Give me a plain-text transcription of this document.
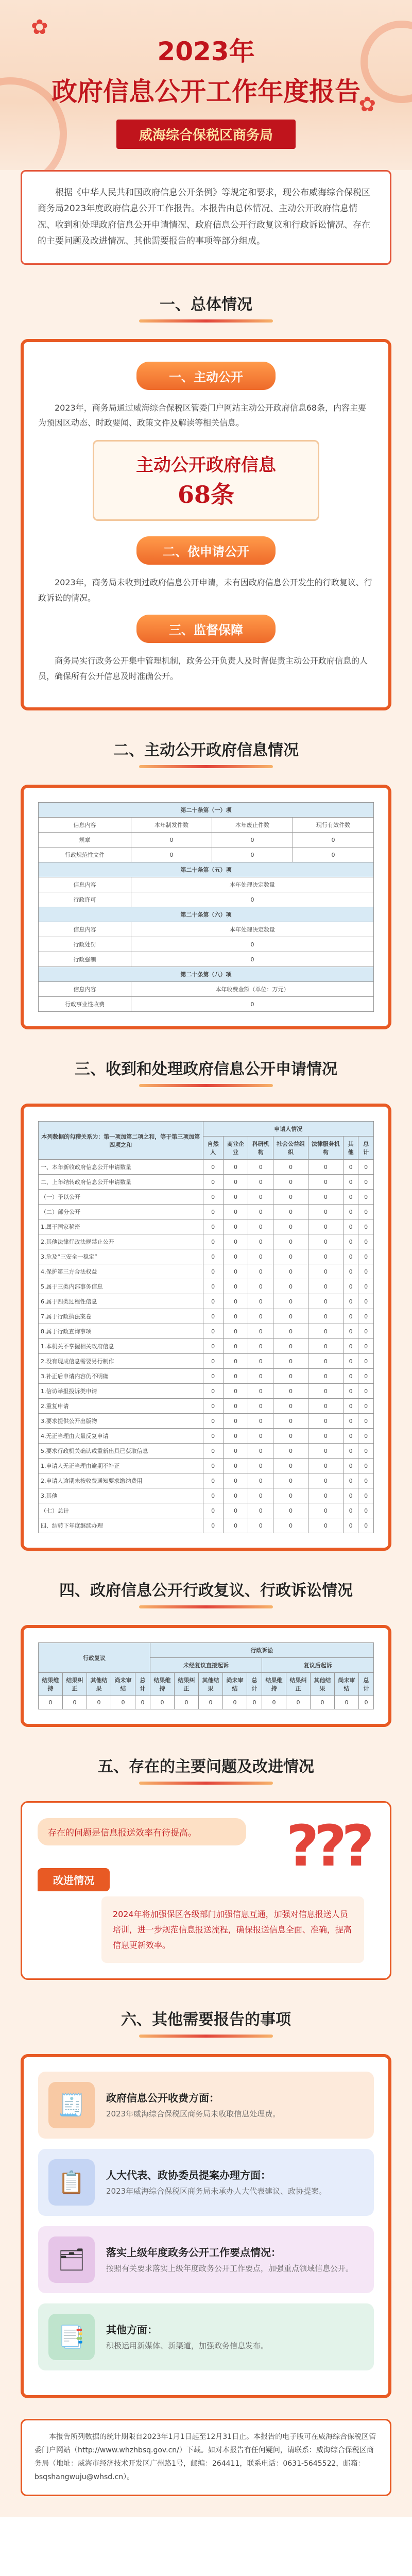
✿
✿
2023年
政府信息公开工作年度报告
威海综合保税区商务局
根据《中华人民共和国政府信息公开条例》等规定和要求，现公布威海综合保税区商务局2023年度政府信息公开工作报告。本报告由总体情况、主动公开政府信息情况、收到和处理政府信息公开申请情况、政府信息公开行政复议和行政诉讼情况、存在的主要问题及改进情况、其他需要报告的事项等部分组成。
一、总体情况
一、主动公开

2023年，商务局通过威海综合保税区管委门户网站主动公开政府信息68条，内容主要为预因区动态、时政要闻、政策文件及解读等相关信息。

主动公开政府信息
68条
二、依申请公开

2023年，商务局未收到过政府信息公开申请，未有因政府信息公开发生的行政复议、行政诉讼的情况。

三、监督保障

商务局实行政务公开集中管理机制，政务公开负责人及时督促责主动公开政府信息的人员，确保所有公开信息及时准确公开。

二、主动公开政府信息情况
第二十条第（一）项			
信息内容	本年制发件数	本年废止件数	现行有效件数
规章	0	0	0
行政规范性文件	0	0	0
第二十条第（五）项			
信息内容	本年处理决定数量		
行政许可	0		
第二十条第（六）项			
信息内容	本年处理决定数量		
行政处罚	0		
行政强制	0		
第二十条第（八）项			
信息内容	本年收费金额（单位：万元）		
行政事业性收费	0		
三、收到和处理政府信息公开申请情况
本列数据的勾稽关系为：第一项加第二项之和，等于第三项加第四项之和	申请人情况						
	自然人	商业企业	科研机构	社会公益组织	法律服务机构	其他	总计
一、本年新收政府信息公开申请数量	0	0	0	0	0	0	0
二、上年结转政府信息公开申请数量	0	0	0	0	0	0	0
（一）予以公开	0	0	0	0	0	0	0
（二）部分公开	0	0	0	0	0	0	0
1.属于国家秘密	0	0	0	0	0	0	0
2.其他法律行政法规禁止公开	0	0	0	0	0	0	0
3.危及“三安全一稳定”	0	0	0	0	0	0	0
4.保护第三方合法权益	0	0	0	0	0	0	0
5.属于三类内部事务信息	0	0	0	0	0	0	0
6.属于四类过程性信息	0	0	0	0	0	0	0
7.属于行政执法案卷	0	0	0	0	0	0	0
8.属于行政查询事项	0	0	0	0	0	0	0
1.本机关不掌握相关政府信息	0	0	0	0	0	0	0
2.没有现成信息需要另行制作	0	0	0	0	0	0	0
3.补正后申请内容仍不明确	0	0	0	0	0	0	0
1.信访举报投诉类申请	0	0	0	0	0	0	0
2.重复申请	0	0	0	0	0	0	0
3.要求提供公开出版物	0	0	0	0	0	0	0
4.无正当理由大量反复申请	0	0	0	0	0	0	0
5.要求行政机关确认或重新出具已获取信息	0	0	0	0	0	0	0
1.申请人无正当理由逾期不补正	0	0	0	0	0	0	0
2.申请人逾期未按收费通知要求缴纳费用	0	0	0	0	0	0	0
3.其他	0	0	0	0	0	0	0
（七）总计	0	0	0	0	0	0	0
四、结转下年度继续办理	0	0	0	0	0	0	0
四、政府信息公开行政复议、行政诉讼情况
行政复议					行政诉讼									
					未经复议直接起诉					复议后起诉				
结果维持	结果纠正	其他结果	尚未审结	总计	结果维持	结果纠正	其他结果	尚未审结	总计	结果维持	结果纠正	其他结果	尚未审结	总计
0	0	0	0	0	0	0	0	0	0	0	0	0	0	0
五、存在的主要问题及改进情况
???
存在的问题是信息报送效率有待提高。
改进情况
2024年将加强保区各级部门加强信息互通，加强对信息报送人员培训，进一步规范信息报送流程，确保报送信息全面、准确，提高信息更新效率。
六、其他需要报告的事项
🧾	政府信息公开收费方面：
2023年威海综合保税区商务局未收取信息处理费。
📋	人大代表、政协委员提案办理方面：
2023年威海综合保税区商务局未承办人大代表建议、政协提案。
🗂	落实上级年度政务公开工作要点情况：
按照有关要求落实上级年度政务公开工作要点，加强重点领域信息公开。
📑	其他方面：
积极运用新媒体、新渠道，加强政务信息发布。
本报告所列数据的统计期限自2023年1月1日起至12月31日止。本报告的电子版可在威海综合保税区管委门户网站（http://www.whzhbsq.gov.cn/）下载。如对本报告有任何疑问，请联系：威海综合保税区商务局（地址：威海市经济技术开发区广州路1号，邮编：264411，联系电话：0631-5645522，邮箱：bsqshangwuju@whsd.cn）。
